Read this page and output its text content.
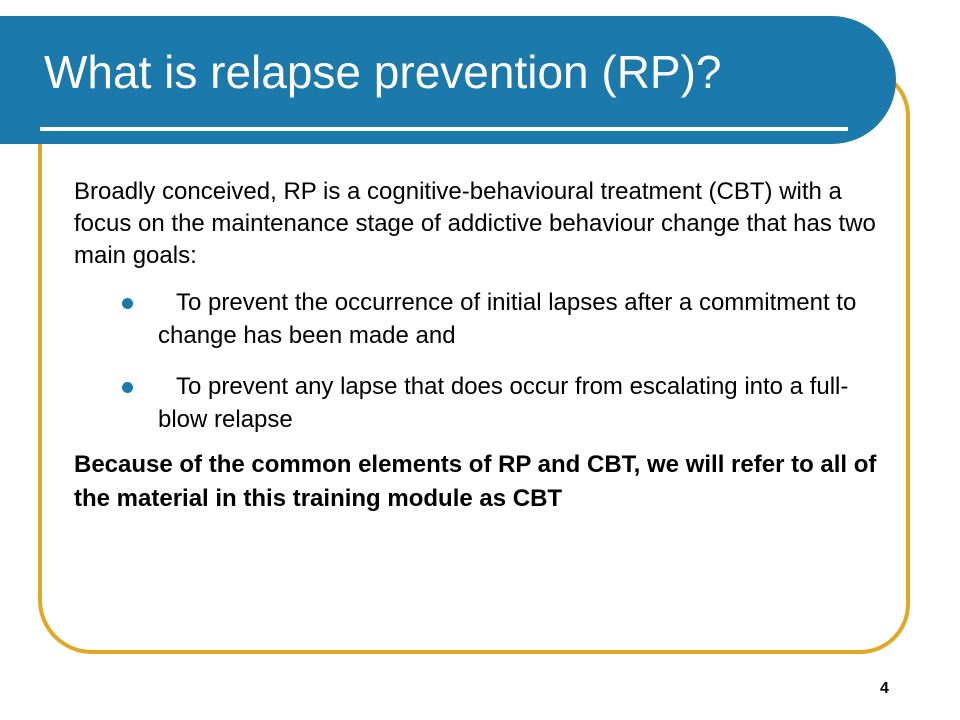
What is relapse prevention (RP)?

Broadly conceived, RP is a cognitive-behavioural treatment (CBT) with a focus on the maintenance stage of addictive behaviour change that has two main goals:

To prevent the occurrence of initial lapses after a commitment to change has been made and
To prevent any lapse that does occur from escalating into a full-blow relapse

Because of the common elements of RP and CBT, we will refer to all of the material in this training module as CBT

4
